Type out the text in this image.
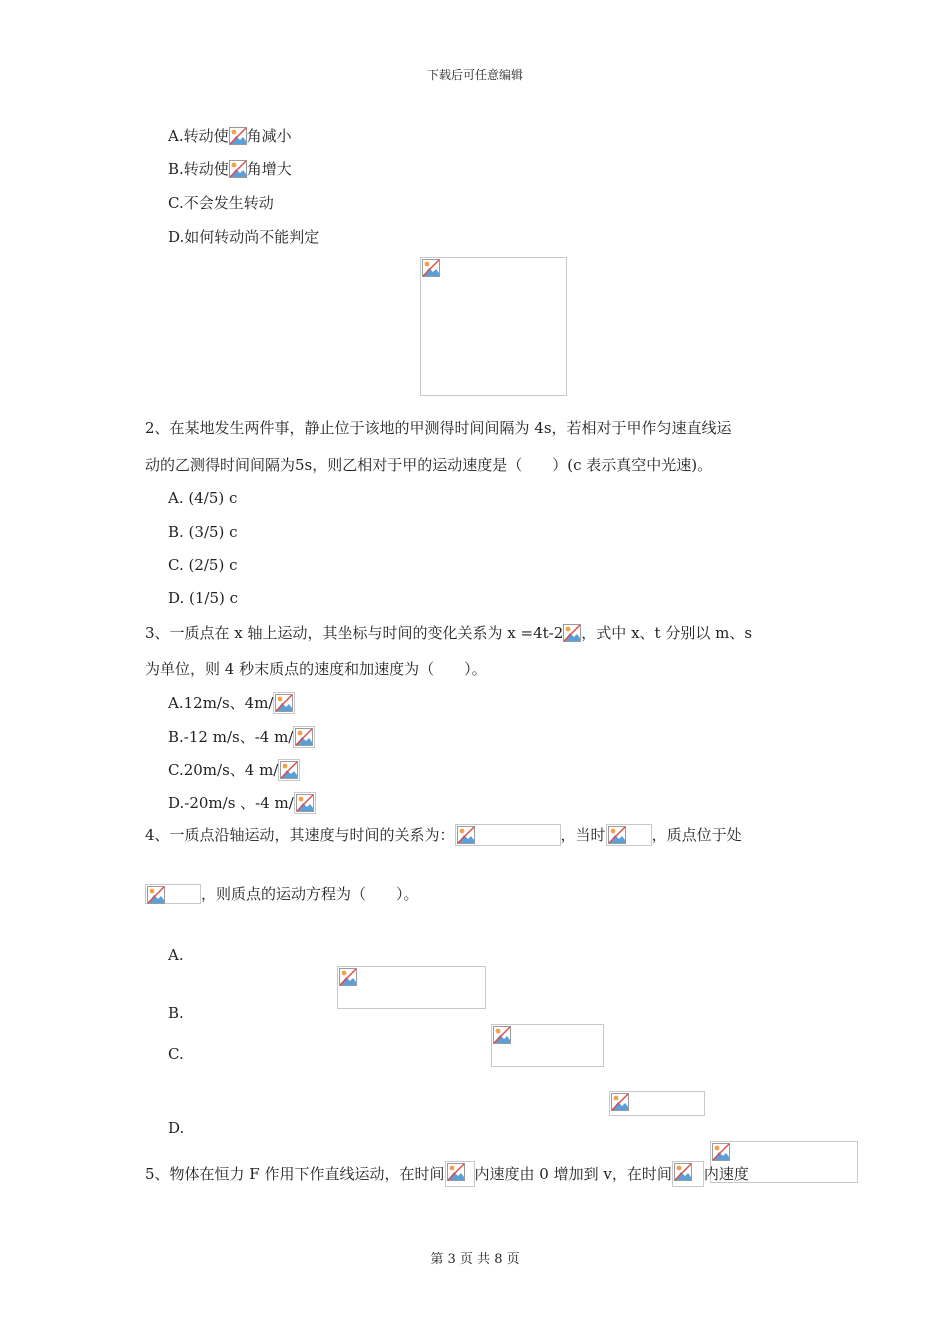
下载后可任意编辑
A.转动使 角减小
B.转动使 角增大
C.不会发生转动
D.如何转动尚不能判定

2、在某地发生两件事，静止位于该地的甲测得时间间隔为 4s，若相对于甲作匀速直线运
动的乙测得时间间隔为5s，则乙相对于甲的运动速度是（　　）(c 表示真空中光速)。
A. (4/5) c
B. (3/5) c
C. (2/5) c
D. (1/5) c
3、一质点在 x 轴上运动，其坐标与时间的变化关系为 x =4t-2 ，式中 x、t 分别以 m、s
为单位，则 4 秒末质点的速度和加速度为（　　）。
A.12m/s、4m/
B.-12 m/s、-4 m/
C.20m/s、4 m/
D.-20m/s 、-4 m/
4、一质点沿轴运动，其速度与时间的关系为：	，当时	，质点位于处
，则质点的运动方程为（　　）。
A.

B.

C.

D.
5、物体在恒力 F 作用下作直线运动，在时间 内速度由 0 增加到 v，在时间 内速度
第 3 页 共 8 页
